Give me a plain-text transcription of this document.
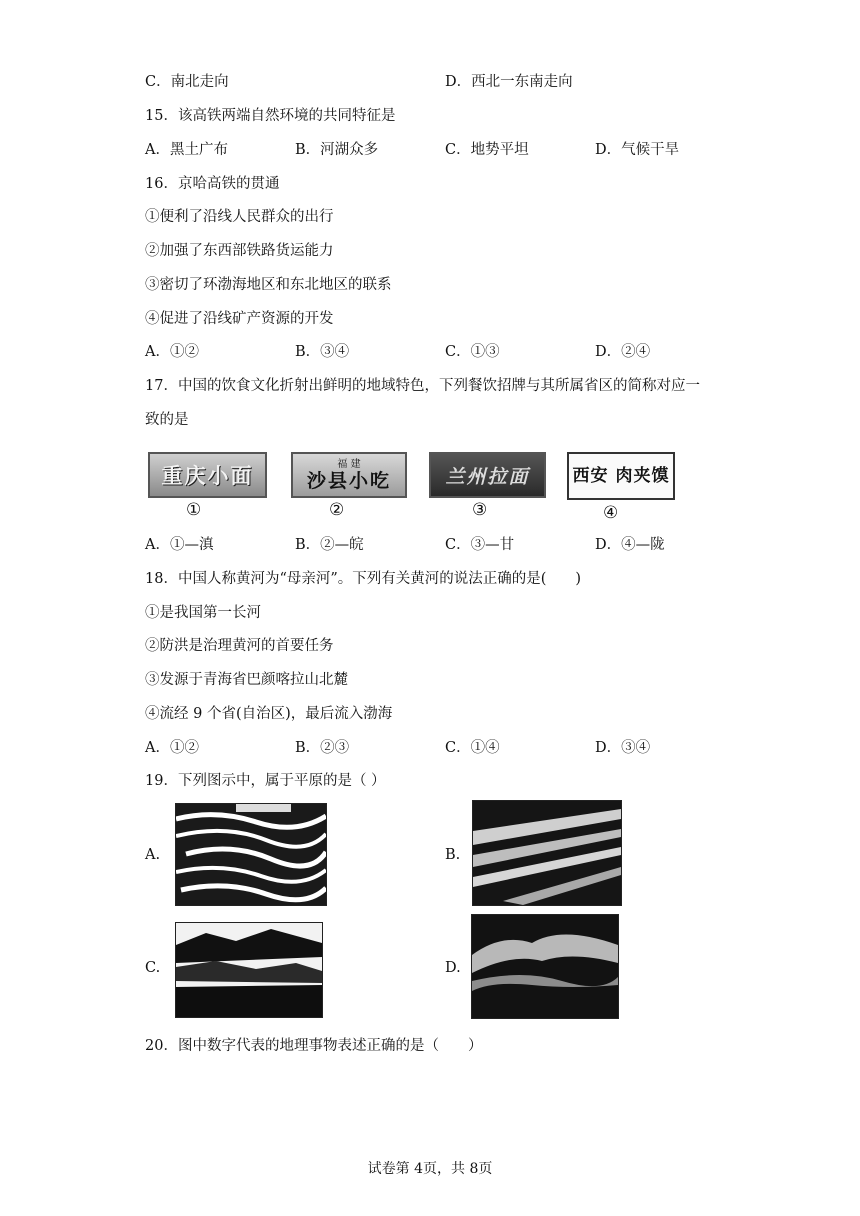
C．南北走向	D．西北一东南走向
15．该高铁两端自然环境的共同特征是
A．黑土广布	B．河湖众多	C．地势平坦	D．气候干旱
16．京哈高铁的贯通
①便利了沿线人民群众的出行
②加强了东西部铁路货运能力
③密切了环渤海地区和东北地区的联系
④促进了沿线矿产资源的开发
A．①②	B．③④	C．①③	D．②④
17．中国的饮食文化折射出鲜明的地域特色，下列餐饮招牌与其所属省区的简称对应一
致的是
重庆小面	福 建
沙县小吃	兰州拉面	西安 肉夹馍
①	②	③	④
A．①—滇	B．②—皖	C．③—甘	D．④—陇
18．中国人称黄河为“母亲河”。下列有关黄河的说法正确的是(　　)
①是我国第一长河
②防洪是治理黄河的首要任务
③发源于青海省巴颜喀拉山北麓
④流经 9 个省(自治区)，最后流入渤海
A．①②	B．②③	C．①④	D．③④
19．下列图示中，属于平原的是（ ）
A.	B.
C.	D.
20．图中数字代表的地理事物表述正确的是（　　）
试卷第 4页，共 8页
